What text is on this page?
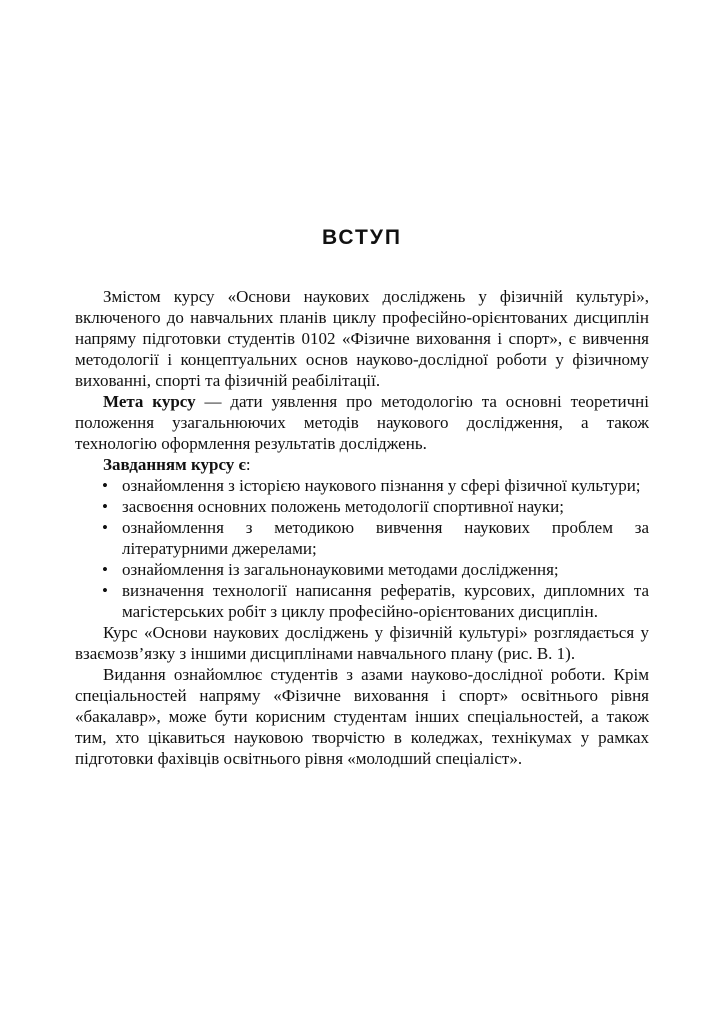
ВСТУП

Змістом курсу «Основи наукових досліджень у фізичній культурі», включеного до навчальних планів циклу професійно-орієнтованих дисциплін напряму підготовки студентів 0102 «Фізичне виховання і спорт», є вивчення методології і концептуальних основ науково-дослідної роботи у фізичному вихованні, спорті та фізичній реабілітації.

Мета курсу — дати уявлення про методологію та основні теоретичні положення узагальнюючих методів наукового дослідження, а також технологію оформлення результатів досліджень.

Завданням курсу є:

• ознайомлення з історією наукового пізнання у сфері фізичної культури;
• засвоєння основних положень методології спортивної науки;
• ознайомлення з методикою вивчення наукових проблем за літературними джерелами;
• ознайомлення із загальнонауковими методами дослідження;
• визначення технології написання рефератів, курсових, дипломних та магістерських робіт з циклу професійно-орієнтованих дисциплін.

Курс «Основи наукових досліджень у фізичній культурі» розглядається у взаємозв’язку з іншими дисциплінами навчального плану (рис. В. 1).

Видання ознайомлює студентів з азами науково-дослідної роботи. Крім спеціальностей напряму «Фізичне виховання і спорт» освітнього рівня «бакалавр», може бути корисним студентам інших спеціальностей, а також тим, хто цікавиться науковою творчістю в коледжах, технікумах у рамках підготовки фахівців освітнього рівня «молодший спеціаліст».
